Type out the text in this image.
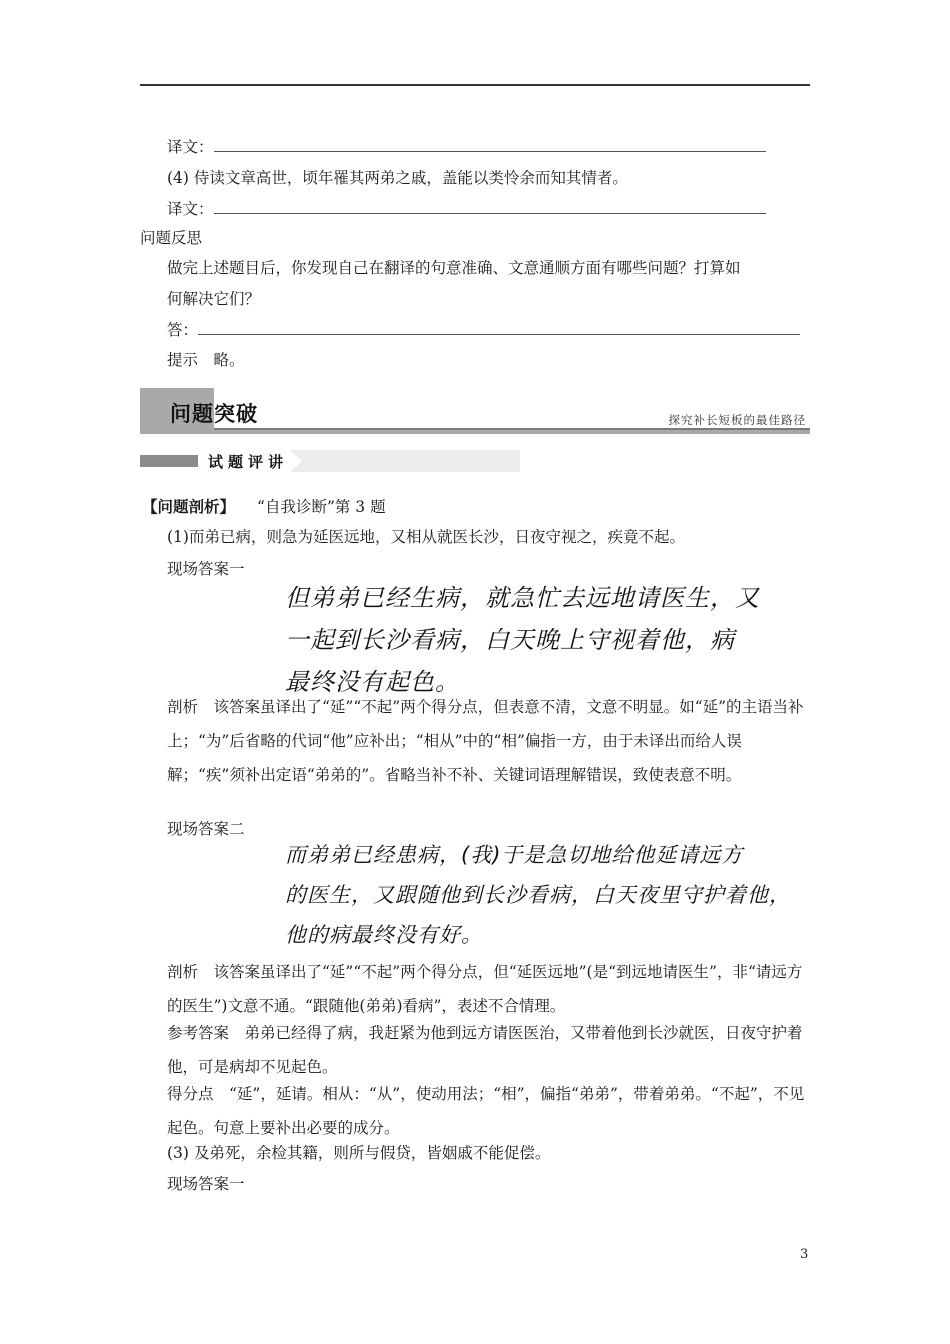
译文：
(4) 侍读文章高世，顷年罹其两弟之戚，盖能以类怜余而知其情者。
译文：
问题反思
做完上述题目后，你发现自己在翻译的句意准确、文意通顺方面有哪些问题？打算如
何解决它们？
答：
提示　略。
问题突破	探究补长短板的最佳路径
试题评讲
【问题剖析】 “自我诊断”第 3 题
(1)而弟已病，则急为延医远地，又相从就医长沙，日夜守视之，疾竟不起。
现场答案一
但弟弟已经生病，就急忙去远地请医生，又
一起到长沙看病，白天晚上守视着他，病
最终没有起色。
剖析　该答案虽译出了“延”“不起”两个得分点，但表意不清，文意不明显。如“延”的主语当补上；“为”后省略的代词“他”应补出；“相从”中的“相”偏指一方，由于未译出而给人误解；“疾”须补出定语“弟弟的”。省略当补不补、关键词语理解错误，致使表意不明。
现场答案二
而弟弟已经患病，(我)于是急切地给他延请远方
的医生，又跟随他到长沙看病，白天夜里守护着他，
他的病最终没有好。
剖析　该答案虽译出了“延”“不起”两个得分点，但“延医远地”(是“到远地请医生”，非“请远方的医生”)文意不通。“跟随他(弟弟)看病”，表述不合情理。
参考答案　弟弟已经得了病，我赶紧为他到远方请医医治，又带着他到长沙就医，日夜守护着他，可是病却不见起色。
得分点　“延”，延请。相从：“从”，使动用法；“相”，偏指“弟弟”，带着弟弟。“不起”，不见起色。句意上要补出必要的成分。
(3) 及弟死，余检其籍，则所与假贷，皆姻戚不能促偿。
现场答案一
3
